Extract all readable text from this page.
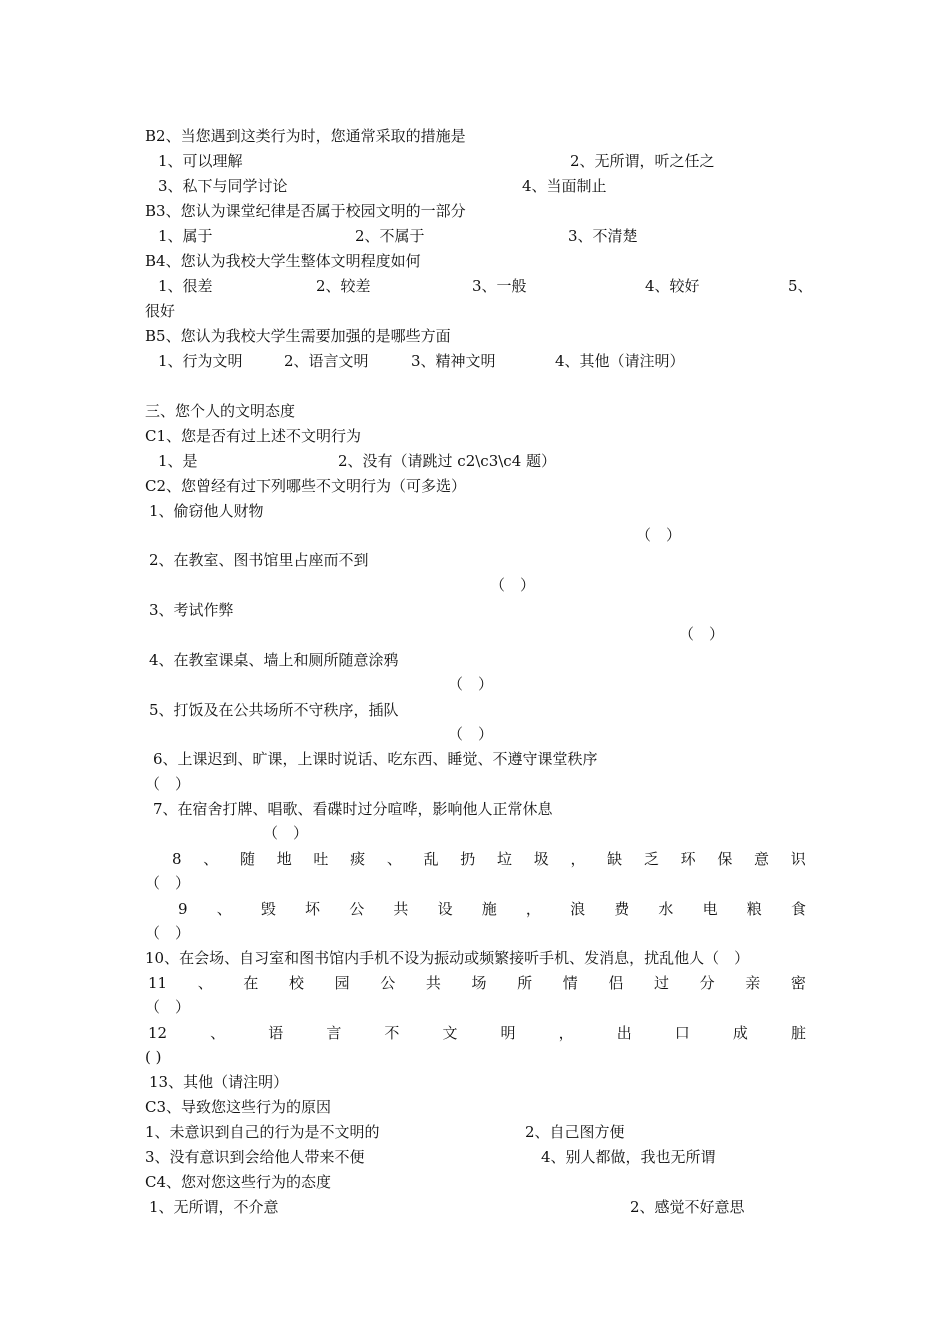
B2、当您遇到这类行为时，您通常采取的措施是
1、可以理解	2、无所谓，听之任之
3、私下与同学讨论	4、当面制止
B3、您认为课堂纪律是否属于校园文明的一部分
1、属于	2、不属于	3、不清楚
B4、您认为我校大学生整体文明程度如何
1、很差	2、较差	3、一般	4、较好	5、
很好
B5、您认为我校大学生需要加强的是哪些方面
1、行为文明	2、语言文明	3、精神文明	4、其他（请注明）
三、您个人的文明态度
C1、您是否有过上述不文明行为
1、是	2、没有（请跳过 c2\c3\c4 题）
C2、您曾经有过下列哪些不文明行为（可多选）
1、偷窃他人财物
（　）
2、在教室、图书馆里占座而不到
（　）
3、考试作弊
（　）
4、在教室课桌、墙上和厕所随意涂鸦
（　）
5、打饭及在公共场所不守秩序，插队
（　）
6、上课迟到、旷课，上课时说话、吃东西、睡觉、不遵守课堂秩序
（　）
7、在宿舍打牌、唱歌、看碟时过分喧哗，影响他人正常休息
（　）
8 、 随 地 吐 痰 、 乱 扔 垃 圾 ， 缺 乏 环 保 意 识
（　）
9 、 毁 坏 公 共 设 施 ， 浪 费 水 电 粮 食
（　）
10、在会场、自习室和图书馆内手机不设为振动或频繁接听手机、发消息，扰乱他人（　）
11 、 在 校 园 公 共 场 所 情 侣 过 分 亲 密
（　）
12	、	语	言	不	文	明	，	出	口	成	脏
( )
13、其他（请注明）
C3、导致您这些行为的原因
1、未意识到自己的行为是不文明的	2、自己图方便
3、没有意识到会给他人带来不便	4、别人都做，我也无所谓
C4、您对您这些行为的态度
1、无所谓，不介意	2、感觉不好意思
